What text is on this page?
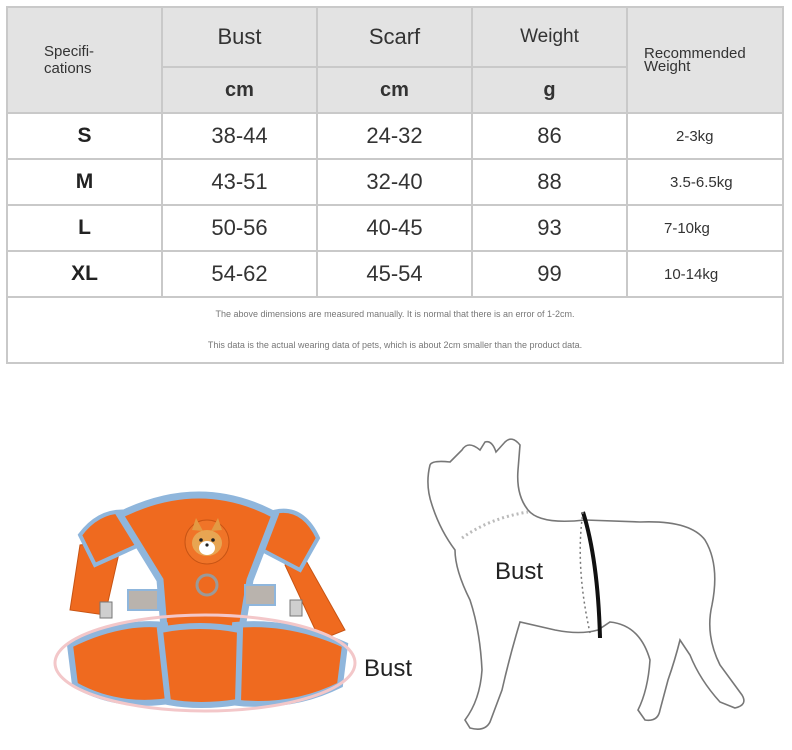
Specifi-
cations	Bust	Scarf	Weight	Recommended
Weight
	cm	cm	g	
S	38-44	24-32	86	2-3kg
M	43-51	32-40	88	3.5-6.5kg
L	50-56	40-45	93	7-10kg
XL	54-62	45-54	99	10-14kg

The above dimensions are measured manually. It is normal that there is an error of 1-2cm.
This data is the actual wearing data of pets, which is about 2cm smaller than the product data.				
Bust
Bust
